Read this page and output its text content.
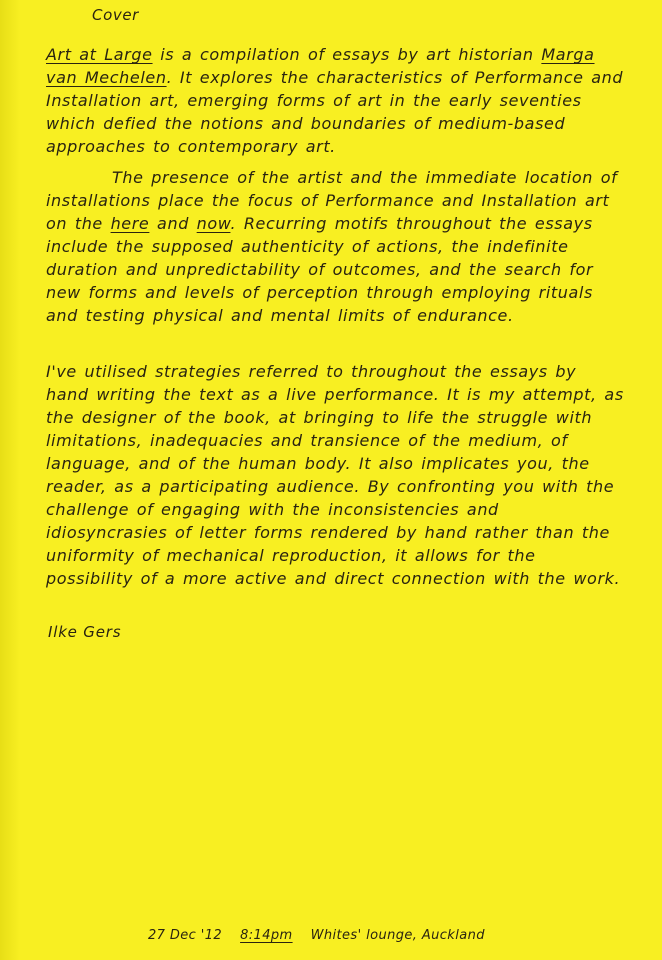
Cover

Art at Large is a compilation of essays by art historian Marga van Mechelen. It explores the characteristics of Performance and Installation art, emerging forms of art in the early seventies which defied the notions and boundaries of medium-based approaches to contemporary art.

The presence of the artist and the immediate location of installations place the focus of Performance and Installation art on the here and now. Recurring motifs throughout the essays include the supposed authenticity of actions, the indefinite duration and unpredictability of outcomes, and the search for new forms and levels of perception through employing rituals and testing physical and mental limits of endurance.

I've utilised strategies referred to throughout the essays by hand writing the text as a live performance. It is my attempt, as the designer of the book, at bringing to life the struggle with limitations, inadequacies and transience of the medium, of language, and of the human body. It also implicates you, the reader, as a participating audience. By confronting you with the challenge of engaging with the inconsistencies and idiosyncrasies of letter forms rendered by hand rather than the uniformity of mechanical reproduction, it allows for the possibility of a more active and direct connection with the work.

Ilke Gers
27 Dec '12 8:14pm Whites' lounge, Auckland
